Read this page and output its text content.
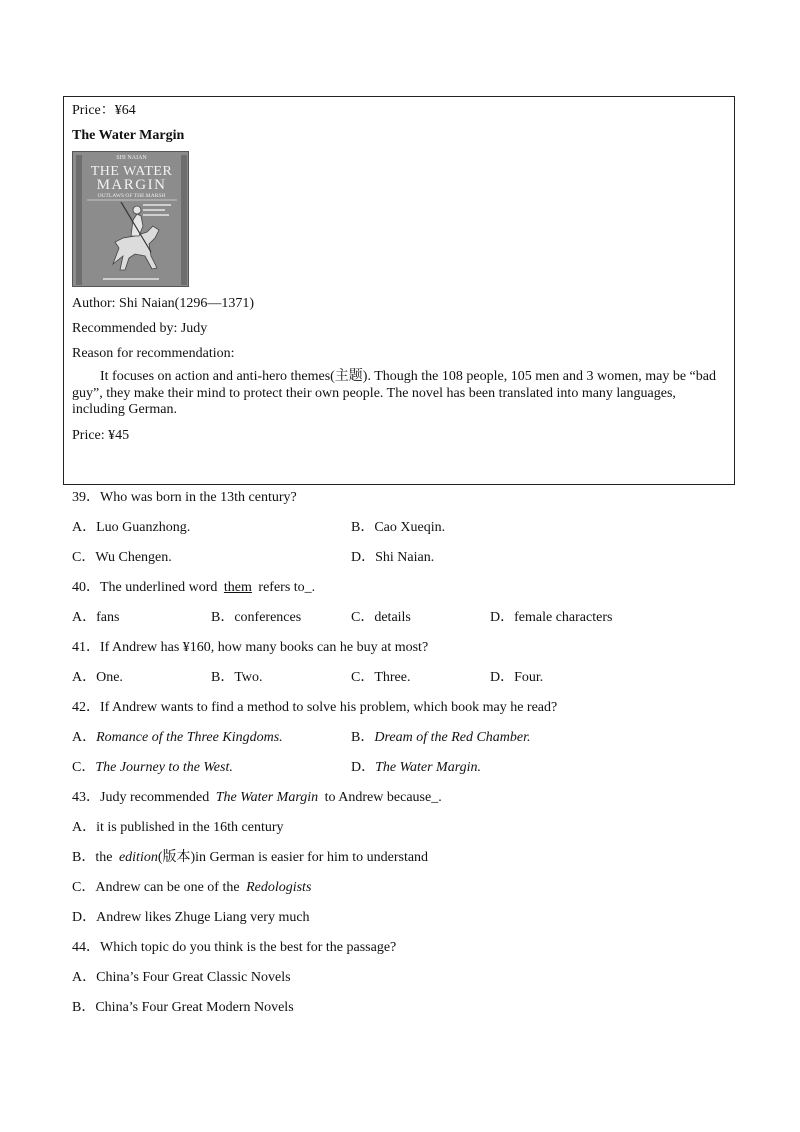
Price：¥64
The Water Margin
SHI NAIAN
THE WATER
MARGIN
OUTLAWS OF THE MARSH
Author: Shi Naian(1296—1371)
Recommended by: Judy
Reason for recommendation:
It focuses on action and anti-hero themes(主题). Though the 108 people, 105 men and 3 women, may be “bad guy”, they make their mind to protect their own people. The novel has been translated into many languages, including German.
Price: ¥45
39．Who was born in the 13th century?
A．Luo Guanzhong.	B．Cao Xueqin.
C．Wu Chengen.	D．Shi Naian.
40．The underlined word them refers to_.
A．fans	B．conferences	C．details	D．female characters
41．If Andrew has ¥160, how many books can he buy at most?
A．One.	B．Two.	C．Three.	D．Four.
42．If Andrew wants to find a method to solve his problem, which book may he read?
A．Romance of the Three Kingdoms.	B．Dream of the Red Chamber.
C．The Journey to the West.	D．The Water Margin.
43．Judy recommended The Water Margin to Andrew because_.
A．it is published in the 16th century
B．the edition(版本)in German is easier for him to understand
C．Andrew can be one of the Redologists
D．Andrew likes Zhuge Liang very much
44．Which topic do you think is the best for the passage?
A．China’s Four Great Classic Novels
B．China’s Four Great Modern Novels
